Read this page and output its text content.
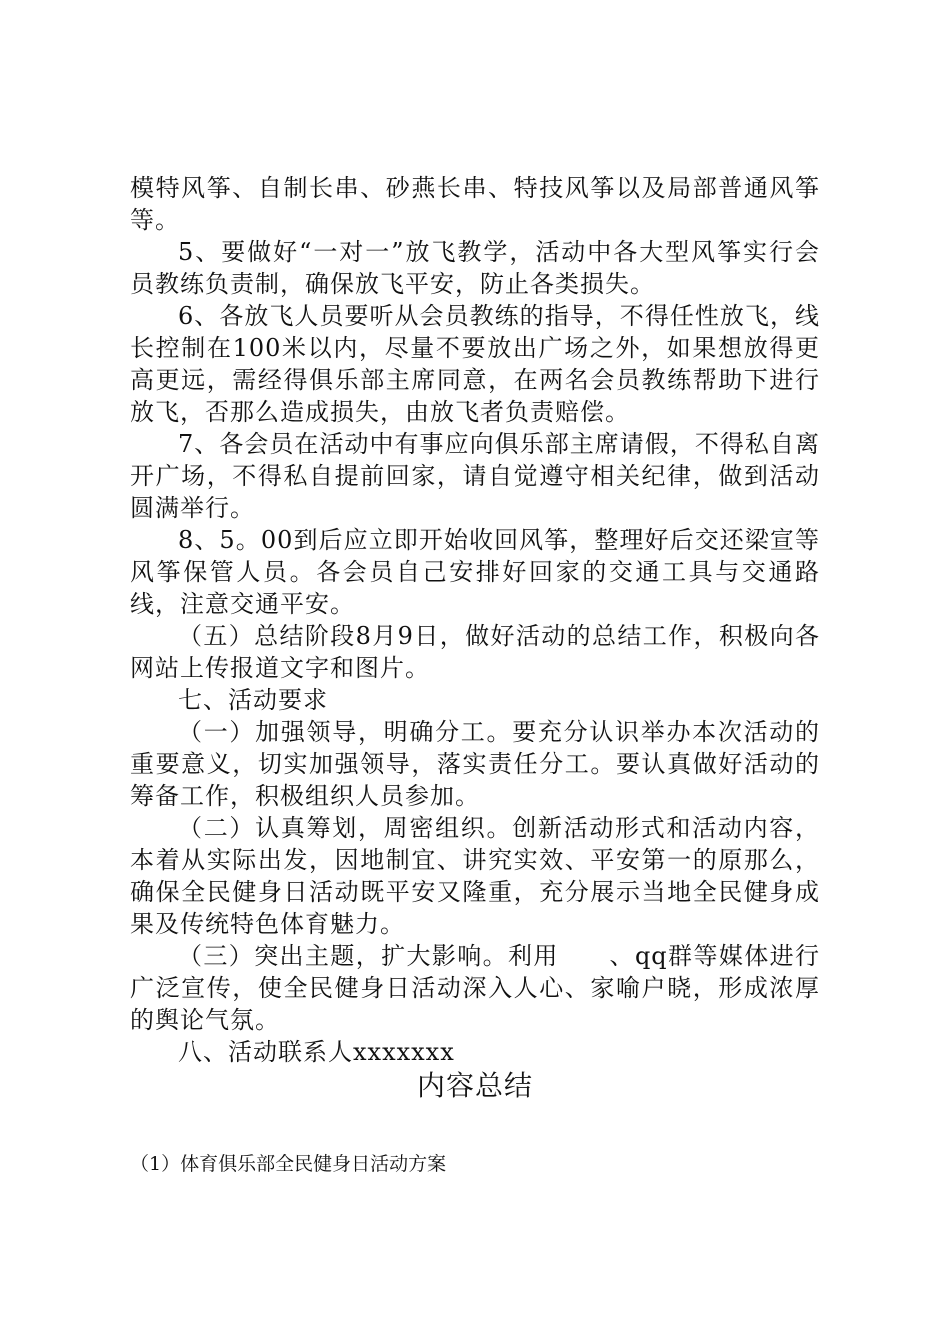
模特风筝、自制长串、砂燕长串、特技风筝以及局部普通风筝等。

5、要做好“一对一”放飞教学，活动中各大型风筝实行会员教练负责制，确保放飞平安，防止各类损失。

6、各放飞人员要听从会员教练的指导，不得任性放飞，线长控制在100米以内，尽量不要放出广场之外，如果想放得更高更远，需经得俱乐部主席同意，在两名会员教练帮助下进行放飞，否那么造成损失，由放飞者负责赔偿。

7、各会员在活动中有事应向俱乐部主席请假，不得私自离开广场，不得私自提前回家，请自觉遵守相关纪律，做到活动圆满举行。

8、5。00到后应立即开始收回风筝，整理好后交还梁宣等风筝保管人员。各会员自己安排好回家的交通工具与交通路线，注意交通平安。

（五）总结阶段8月9日，做好活动的总结工作，积极向各网站上传报道文字和图片。

七、活动要求

（一）加强领导，明确分工。要充分认识举办本次活动的重要意义，切实加强领导，落实责任分工。要认真做好活动的筹备工作，积极组织人员参加。

（二）认真筹划，周密组织。创新活动形式和活动内容，本着从实际出发，因地制宜、讲究实效、平安第一的原那么，确保全民健身日活动既平安又隆重，充分展示当地全民健身成果及传统特色体育魅力。

（三）突出主题，扩大影响。利用　　、qq群等媒体进行广泛宣传，使全民健身日活动深入人心、家喻户晓，形成浓厚的舆论气氛。

八、活动联系人xxxxxxx

内容总结

（1）体育俱乐部全民健身日活动方案
